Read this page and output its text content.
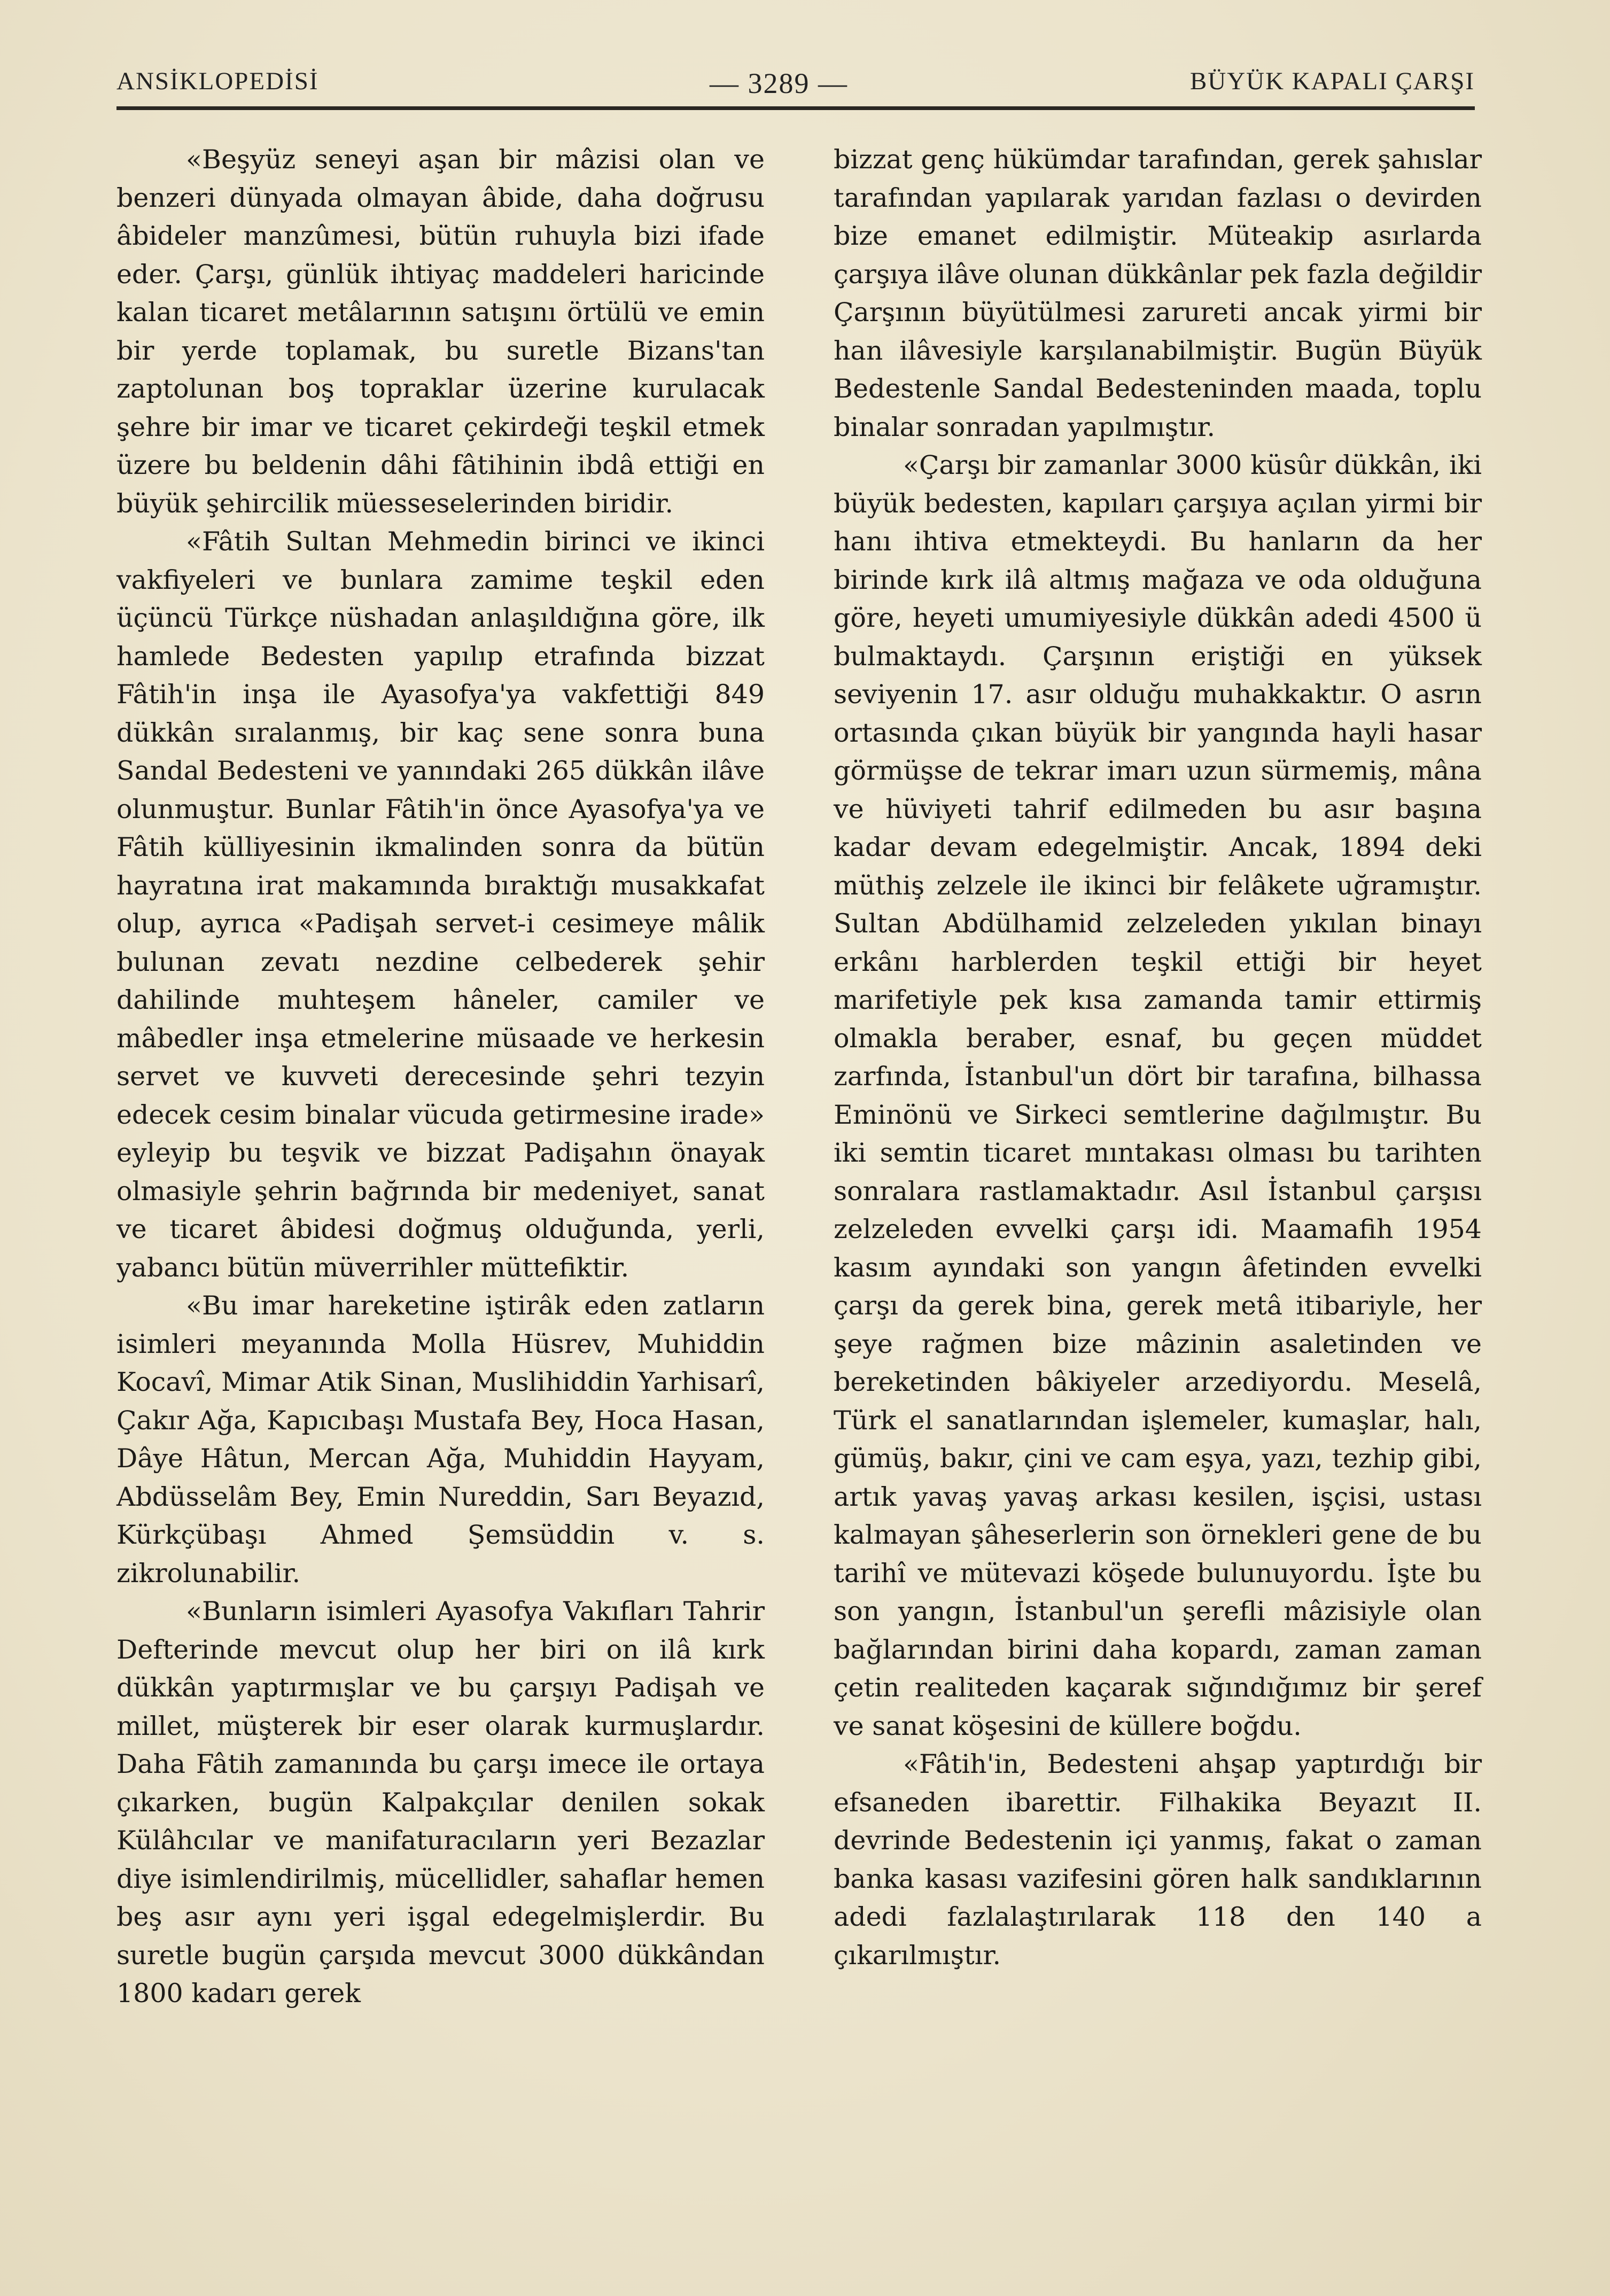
ANSİKLOPEDİSİ	— 3289 —	BÜYÜK KAPALI ÇARŞI

«Beşyüz seneyi aşan bir mâzisi olan ve benzeri dünyada olmayan âbide, daha doğrusu âbideler manzûmesi, bütün ruhuyla bizi ifade eder. Çarşı, günlük ihtiyaç maddeleri haricinde kalan ticaret metâlarının satışını örtülü ve emin bir yerde toplamak, bu suretle Bizans'tan zaptolunan boş topraklar üzerine kurulacak şehre bir imar ve ticaret çekirdeği teşkil etmek üzere bu beldenin dâhi fâtihinin ibdâ ettiği en büyük şehircilik müesseselerinden biridir.

«Fâtih Sultan Mehmedin birinci ve ikinci vakfiyeleri ve bunlara zamime teşkil eden üçüncü Türkçe nüshadan anlaşıldığına göre, ilk hamlede Bedesten yapılıp etrafında bizzat Fâtih'in inşa ile Ayasofya'ya vakfettiği 849 dükkân sıralanmış, bir kaç sene sonra buna Sandal Bedesteni ve yanındaki 265 dükkân ilâve olunmuştur. Bunlar Fâtih'in önce Ayasofya'ya ve Fâtih külliyesinin ikmalinden sonra da bütün hayratına irat makamında bıraktığı musakkafat olup, ayrıca «Padişah servet-i cesimeye mâlik bulunan zevatı nezdine celbederek şehir dahilinde muhteşem hâneler, camiler ve mâbedler inşa etmelerine müsaade ve herkesin servet ve kuvveti derecesinde şehri tezyin edecek cesim binalar vücuda getirmesine irade» eyleyip bu teşvik ve bizzat Padişahın önayak olmasiyle şehrin bağrında bir medeniyet, sanat ve ticaret âbidesi doğmuş olduğunda, yerli, yabancı bütün müverrihler müttefiktir.

«Bu imar hareketine iştirâk eden zatların isimleri meyanında Molla Hüsrev, Muhiddin Kocavî, Mimar Atik Sinan, Muslihiddin Yarhisarî, Çakır Ağa, Kapıcıbaşı Mustafa Bey, Hoca Hasan, Dâye Hâtun, Mercan Ağa, Muhiddin Hayyam, Abdüsselâm Bey, Emin Nureddin, Sarı Beyazıd, Kürkçübaşı Ahmed Şemsüddin v. s. zikrolunabilir.

«Bunların isimleri Ayasofya Vakıfları Tahrir Defterinde mevcut olup her biri on ilâ kırk dükkân yaptırmışlar ve bu çarşıyı Padişah ve millet, müşterek bir eser olarak kurmuşlardır. Daha Fâtih zamanında bu çarşı imece ile ortaya çıkarken, bugün Kalpakçılar denilen sokak Külâhcılar ve manifaturacıların yeri Bezazlar diye isimlendirilmiş, mücellidler, sahaflar hemen beş asır aynı yeri işgal edegelmişlerdir. Bu suretle bugün çarşıda mevcut 3000 dükkândan 1800 kadarı gerek

bizzat genç hükümdar tarafından, gerek şahıslar tarafından yapılarak yarıdan fazlası o devirden bize emanet edilmiştir. Müteakip asırlarda çarşıya ilâve olunan dükkânlar pek fazla değildir Çarşının büyütülmesi zarureti ancak yirmi bir han ilâvesiyle karşılanabilmiştir. Bugün Büyük Bedestenle Sandal Bedesteninden maada, toplu binalar sonradan yapılmıştır.

«Çarşı bir zamanlar 3000 küsûr dükkân, iki büyük bedesten, kapıları çarşıya açılan yirmi bir hanı ihtiva etmekteydi. Bu hanların da her birinde kırk ilâ altmış mağaza ve oda olduğuna göre, heyeti umumiyesiyle dükkân adedi 4500 ü bulmaktaydı. Çarşının eriştiği en yüksek seviyenin 17. asır olduğu muhakkaktır. O asrın ortasında çıkan büyük bir yangında hayli hasar görmüşse de tekrar imarı uzun sürmemiş, mâna ve hüviyeti tahrif edilmeden bu asır başına kadar devam edegelmiştir. Ancak, 1894 deki müthiş zelzele ile ikinci bir felâkete uğramıştır. Sultan Abdülhamid zelzeleden yıkılan binayı erkânı harblerden teşkil ettiği bir heyet marifetiyle pek kısa zamanda tamir ettirmiş olmakla beraber, esnaf, bu geçen müddet zarfında, İstanbul'un dört bir tarafına, bilhassa Eminönü ve Sirkeci semtlerine dağılmıştır. Bu iki semtin ticaret mıntakası olması bu tarihten sonralara rastlamaktadır. Asıl İstanbul çarşısı zelzeleden evvelki çarşı idi. Maamafih 1954 kasım ayındaki son yangın âfetinden evvelki çarşı da gerek bina, gerek metâ itibariyle, her şeye rağmen bize mâzinin asaletinden ve bereketinden bâkiyeler arzediyordu. Meselâ, Türk el sanatlarından işlemeler, kumaşlar, halı, gümüş, bakır, çini ve cam eşya, yazı, tezhip gibi, artık yavaş yavaş arkası kesilen, işçisi, ustası kalmayan şâheserlerin son örnekleri gene de bu tarihî ve mütevazi köşede bulunuyordu. İşte bu son yangın, İstanbul'un şerefli mâzisiyle olan bağlarından birini daha kopardı, zaman zaman çetin realiteden kaçarak sığındığımız bir şeref ve sanat köşesini de küllere boğdu.

«Fâtih'in, Bedesteni ahşap yaptırdığı bir efsaneden ibarettir. Filhakika Beyazıt II. devrinde Bedestenin içi yanmış, fakat o zaman banka kasası vazifesini gören halk sandıklarının adedi fazlalaştırılarak 118 den 140 a çıkarılmıştır.
